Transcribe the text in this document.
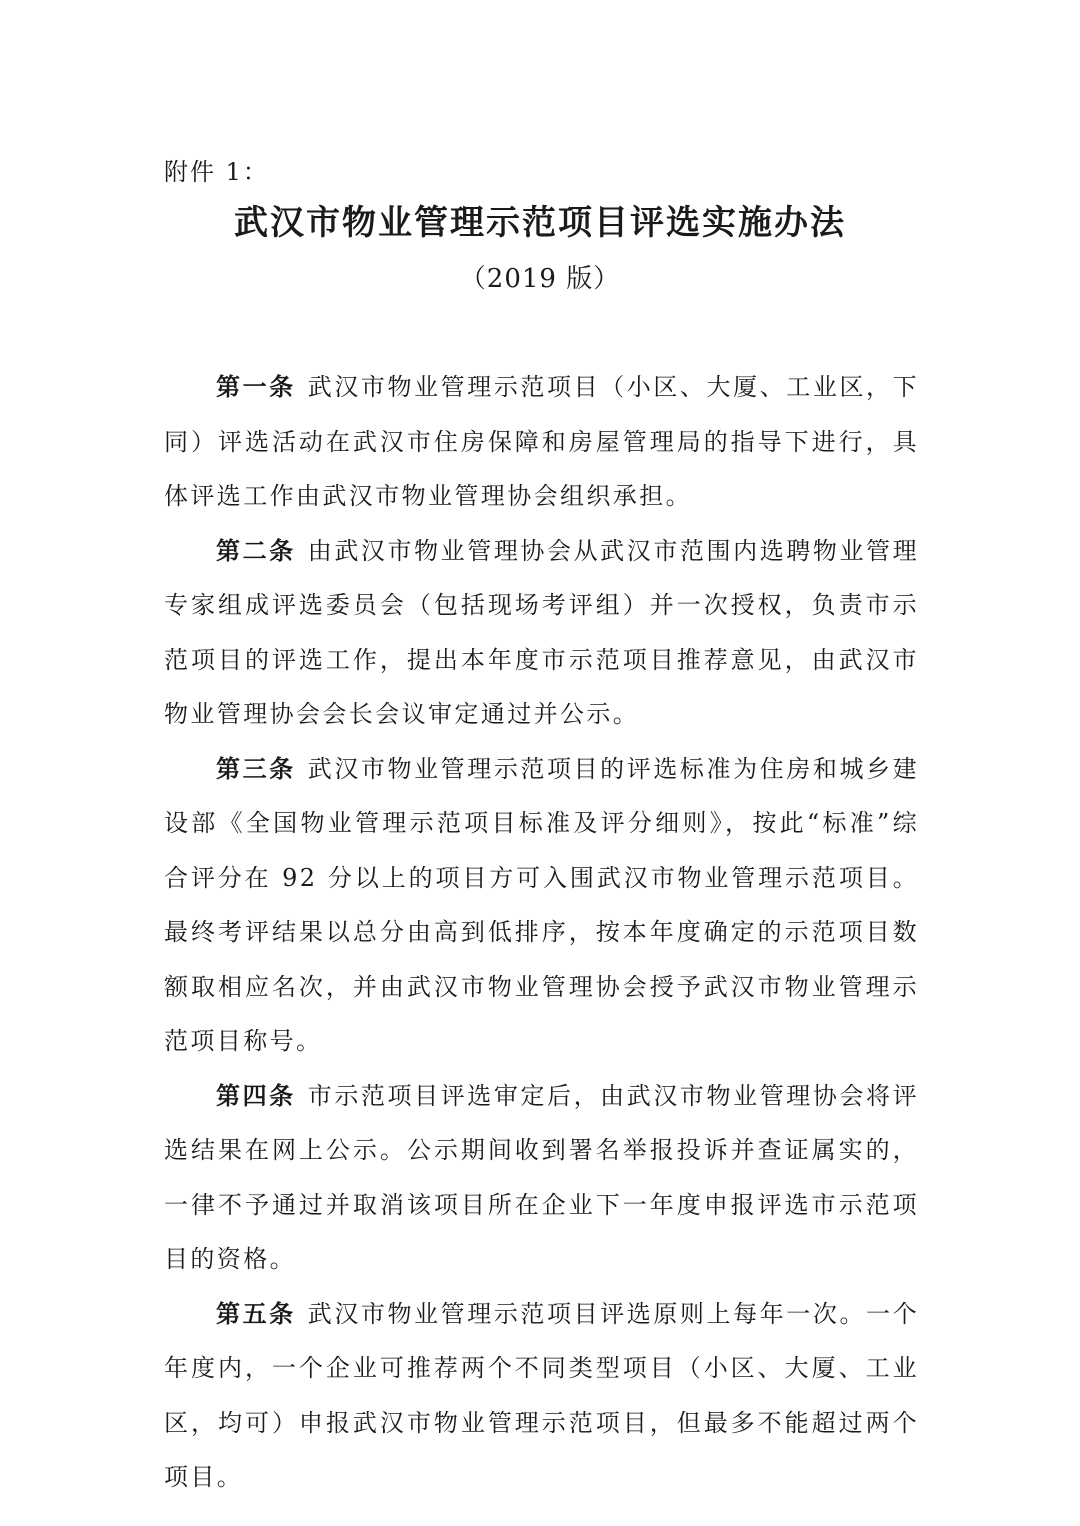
附件 1：
武汉市物业管理示范项目评选实施办法
（2019 版）

第一条 武汉市物业管理示范项目（小区、大厦、工业区，下同）评选活动在武汉市住房保障和房屋管理局的指导下进行，具体评选工作由武汉市物业管理协会组织承担。

第二条 由武汉市物业管理协会从武汉市范围内选聘物业管理专家组成评选委员会（包括现场考评组）并一次授权，负责市示范项目的评选工作，提出本年度市示范项目推荐意见，由武汉市物业管理协会会长会议审定通过并公示。

第三条 武汉市物业管理示范项目的评选标准为住房和城乡建设部《全国物业管理示范项目标准及评分细则》，按此“标准”综合评分在 92 分以上的项目方可入围武汉市物业管理示范项目。最终考评结果以总分由高到低排序，按本年度确定的示范项目数额取相应名次，并由武汉市物业管理协会授予武汉市物业管理示范项目称号。

第四条 市示范项目评选审定后，由武汉市物业管理协会将评选结果在网上公示。公示期间收到署名举报投诉并查证属实的，一律不予通过并取消该项目所在企业下一年度申报评选市示范项目的资格。

第五条 武汉市物业管理示范项目评选原则上每年一次。一个年度内，一个企业可推荐两个不同类型项目（小区、大厦、工业区，均可）申报武汉市物业管理示范项目，但最多不能超过两个项目。
